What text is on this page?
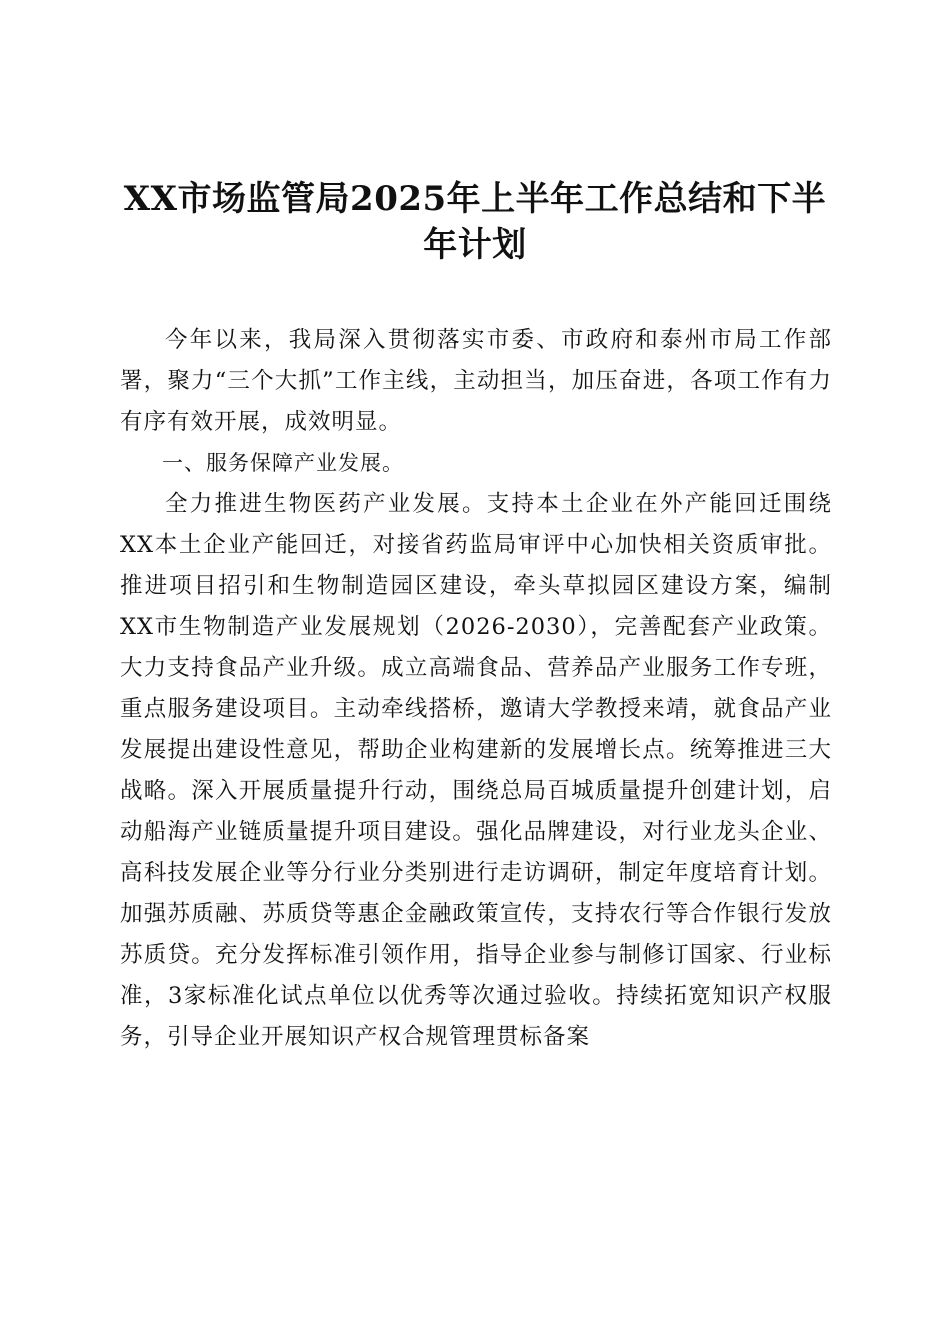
XX市场监管局2025年上半年工作总结和下半
年计划

今年以来，我局深入贯彻落实市委、市政府和泰州市局工作部署，聚力“三个大抓”工作主线，主动担当，加压奋进，各项工作有力有序有效开展，成效明显。

一、服务保障产业发展。

全力推进生物医药产业发展。支持本土企业在外产能回迁围绕XX本土企业产能回迁，对接省药监局审评中心加快相关资质审批。推进项目招引和生物制造园区建设，牵头草拟园区建设方案，编制XX市生物制造产业发展规划（2026-2030），完善配套产业政策。大力支持食品产业升级。成立高端食品、营养品产业服务工作专班，重点服务建设项目。主动牵线搭桥，邀请大学教授来靖，就食品产业发展提出建设性意见，帮助企业构建新的发展增长点。统筹推进三大战略。深入开展质量提升行动，围绕总局百城质量提升创建计划，启动船海产业链质量提升项目建设。强化品牌建设，对行业龙头企业、高科技发展企业等分行业分类别进行走访调研，制定年度培育计划。加强苏质融、苏质贷等惠企金融政策宣传，支持农行等合作银行发放苏质贷。充分发挥标准引领作用，指导企业参与制修订国家、行业标准，3家标准化试点单位以优秀等次通过验收。持续拓宽知识产权服务，引导企业开展知识产权合规管理贯标备案
